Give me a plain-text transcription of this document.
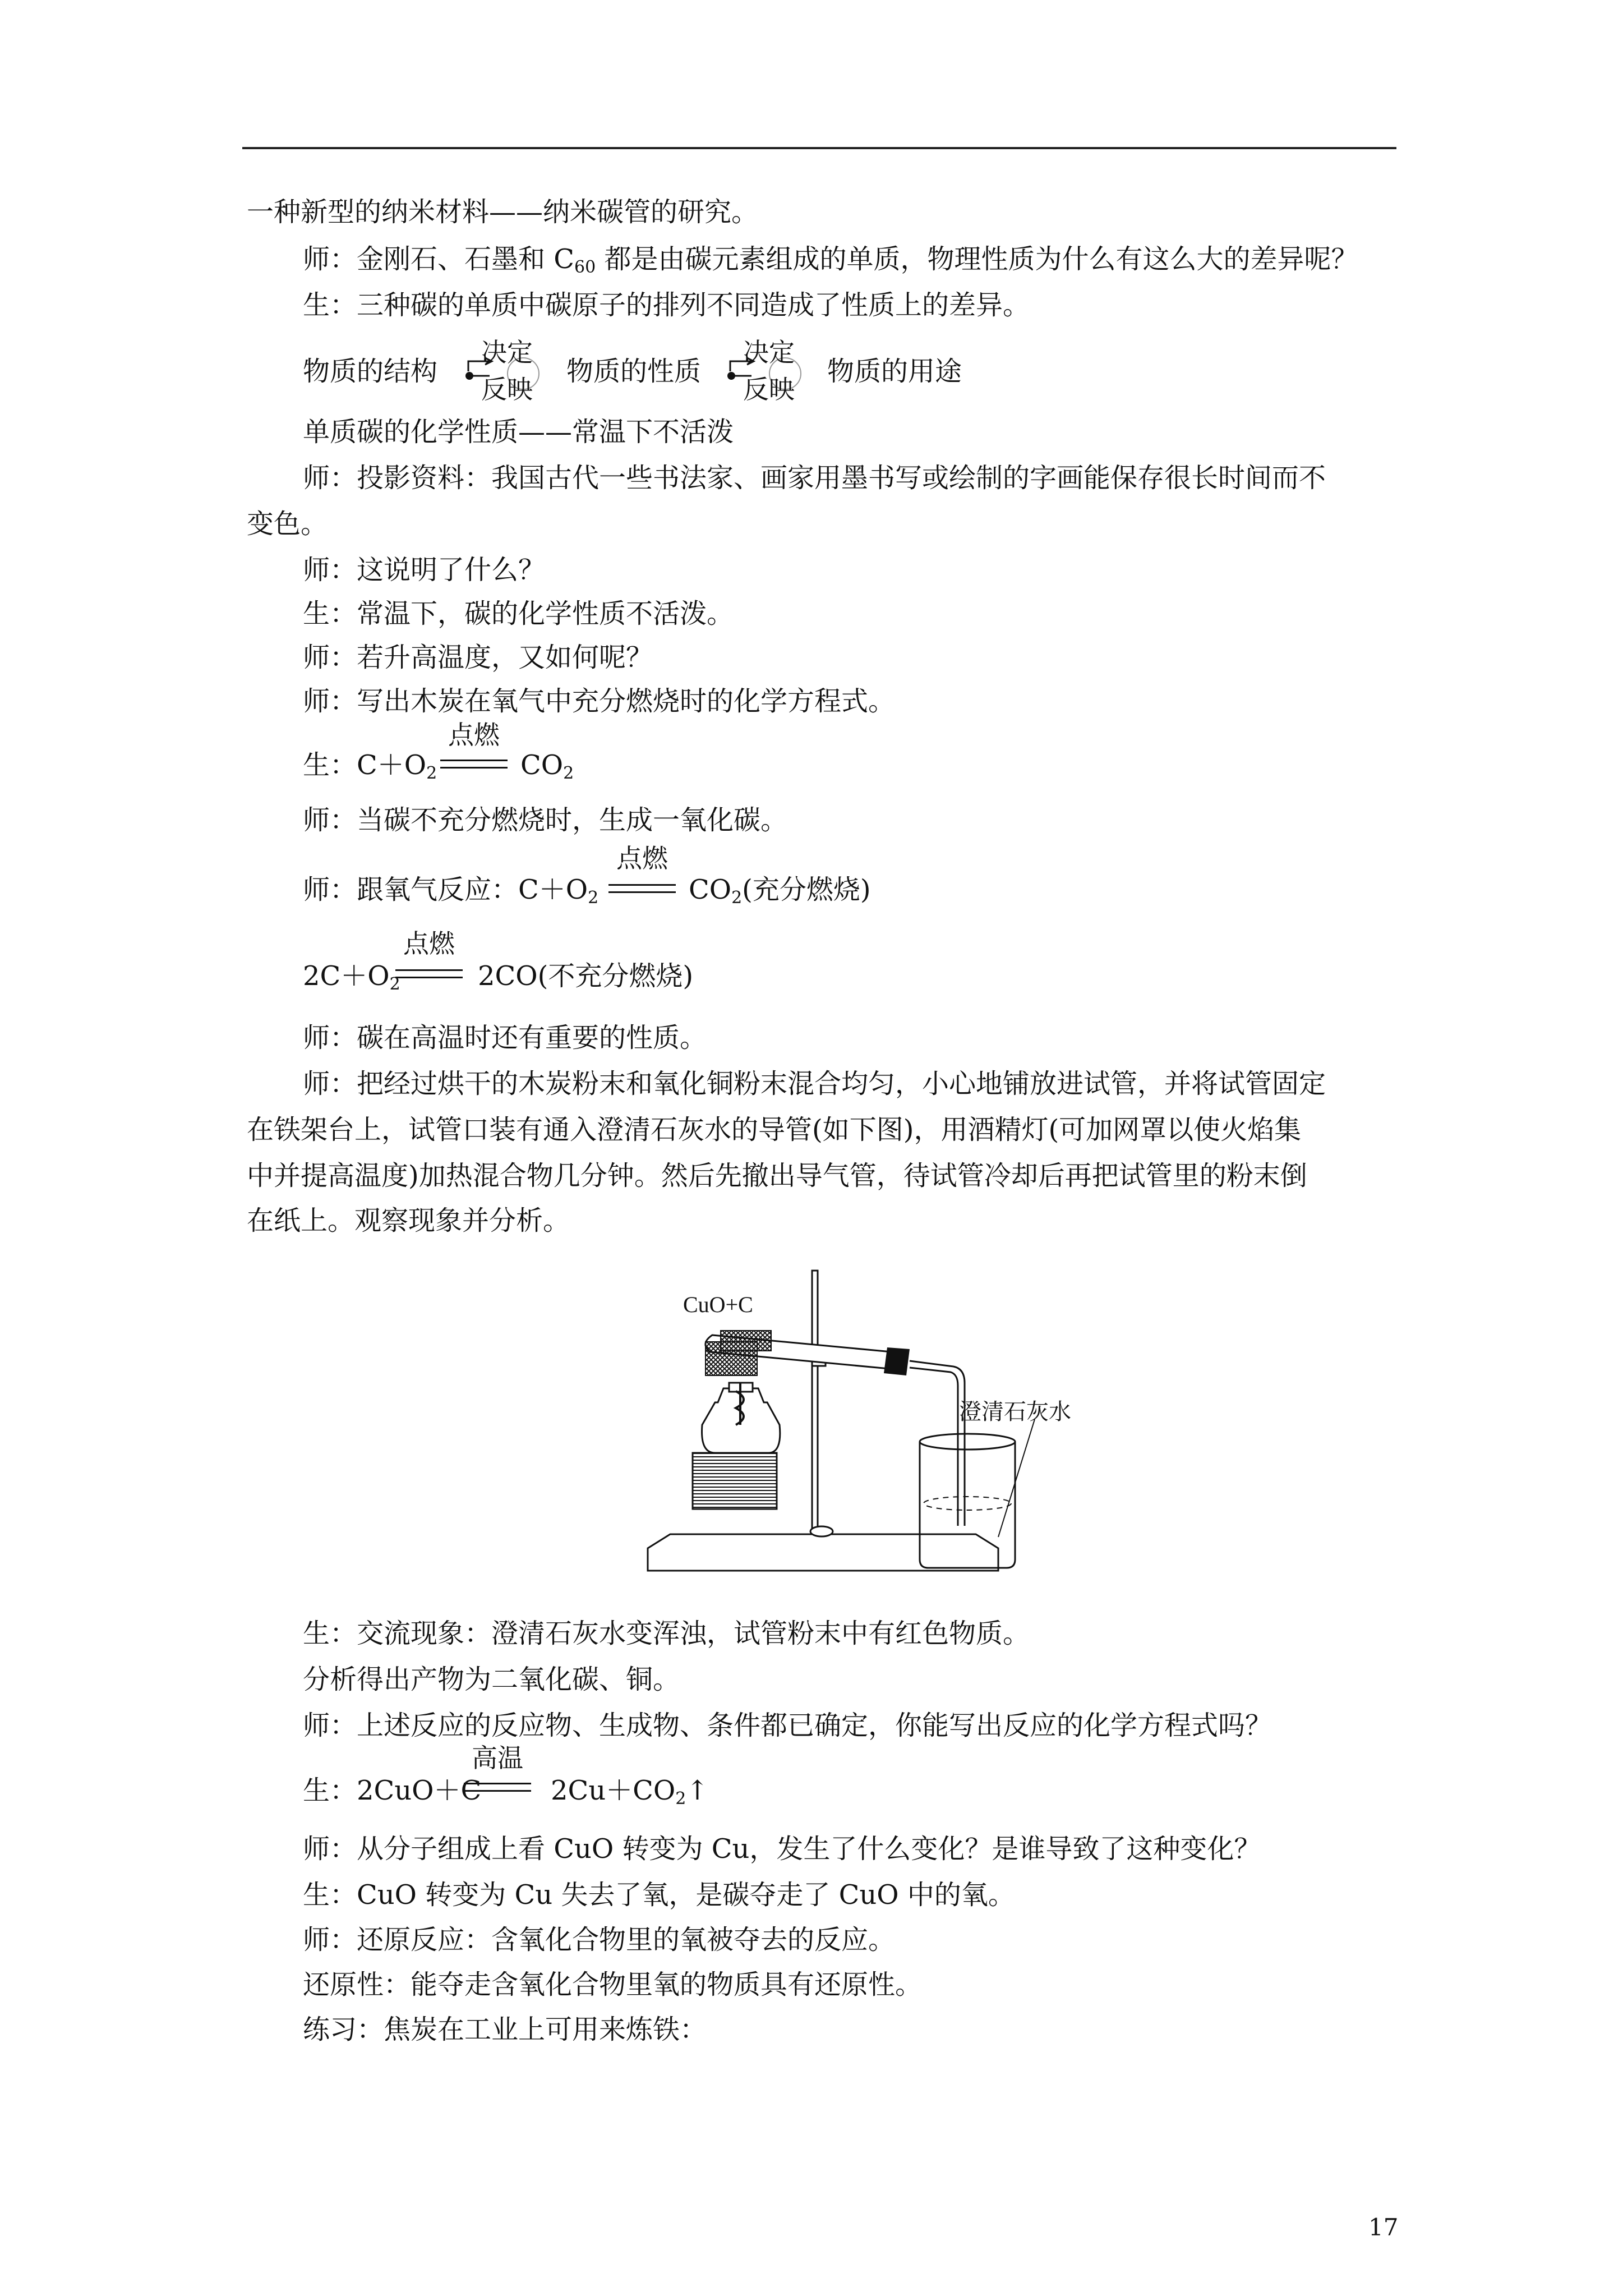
一种新型的纳米材料——纳米碳管的研究。
师：金刚石、石墨和 $C_{60}$ 都是由碳元素组成的单质，物理性质为什么有这么大的差异呢？
生：三种碳的单质中碳原子的排列不同造成了性质上的差异。
物质的结构
决定
反映
物质的性质
决定
反映
物质的用途
单质碳的化学性质——常温下不活泼
师：投影资料：我国古代一些书法家、画家用墨书写或绘制的字画能保存很长时间而不
变色。
师：这说明了什么？
生：常温下，碳的化学性质不活泼。
师：若升高温度，又如何呢？
师：写出木炭在氧气中充分燃烧时的化学方程式。
生：$C+O_2$
点燃
$CO_2$
师：当碳不充分燃烧时，生成一氧化碳。
师：跟氧气反应：$C+O_2$
点燃
$CO_2$(充分燃烧)
$2C+O_2$
点燃
2CO(不充分燃烧)
师：碳在高温时还有重要的性质。
师：把经过烘干的木炭粉末和氧化铜粉末混合均匀，小心地铺放进试管，并将试管固定
在铁架台上，试管口装有通入澄清石灰水的导管(如下图)，用酒精灯(可加网罩以使火焰集
中并提高温度)加热混合物几分钟。然后先撤出导气管，待试管冷却后再把试管里的粉末倒
在纸上。观察现象并分析。
CuO+C
澄清石灰水
生：交流现象：澄清石灰水变浑浊，试管粉末中有红色物质。
分析得出产物为二氧化碳、铜。
师：上述反应的反应物、生成物、条件都已确定，你能写出反应的化学方程式吗？
生：2CuO＋C
高温
$2Cu+CO_2↑$
师：从分子组成上看 CuO 转变为 Cu，发生了什么变化？是谁导致了这种变化？
生：CuO 转变为 Cu 失去了氧，是碳夺走了 CuO 中的氧。
师：还原反应：含氧化合物里的氧被夺去的反应。
还原性：能夺走含氧化合物里氧的物质具有还原性。
练习：焦炭在工业上可用来炼铁：
17
